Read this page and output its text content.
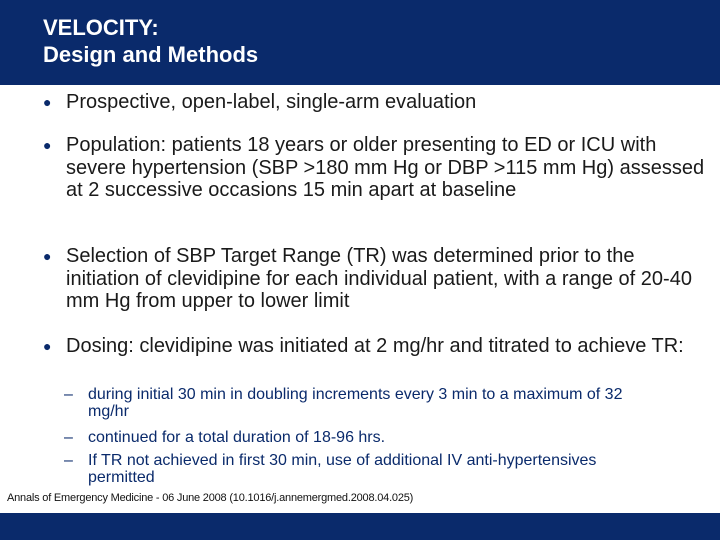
VELOCITY:
Design and Methods
● Prospective, open-label, single-arm evaluation
● Population: patients 18 years or older presenting to ED or ICU with severe hypertension (SBP >180 mm Hg or DBP >115 mm Hg) assessed at 2 successive occasions 15 min apart at baseline
● Selection of SBP Target Range (TR) was determined prior to the initiation of clevidipine for each individual patient, with a range of 20-40 mm Hg from upper to lower limit
● Dosing: clevidipine was initiated at 2 mg/hr and titrated to achieve TR:
– during initial 30 min in doubling increments every 3 min to a maximum of 32 mg/hr
– continued for a total duration of 18-96 hrs.
– If TR not achieved in first 30 min, use of additional IV anti-hypertensives permitted
Annals of Emergency Medicine - 06 June 2008 (10.1016/j.annemergmed.2008.04.025)
